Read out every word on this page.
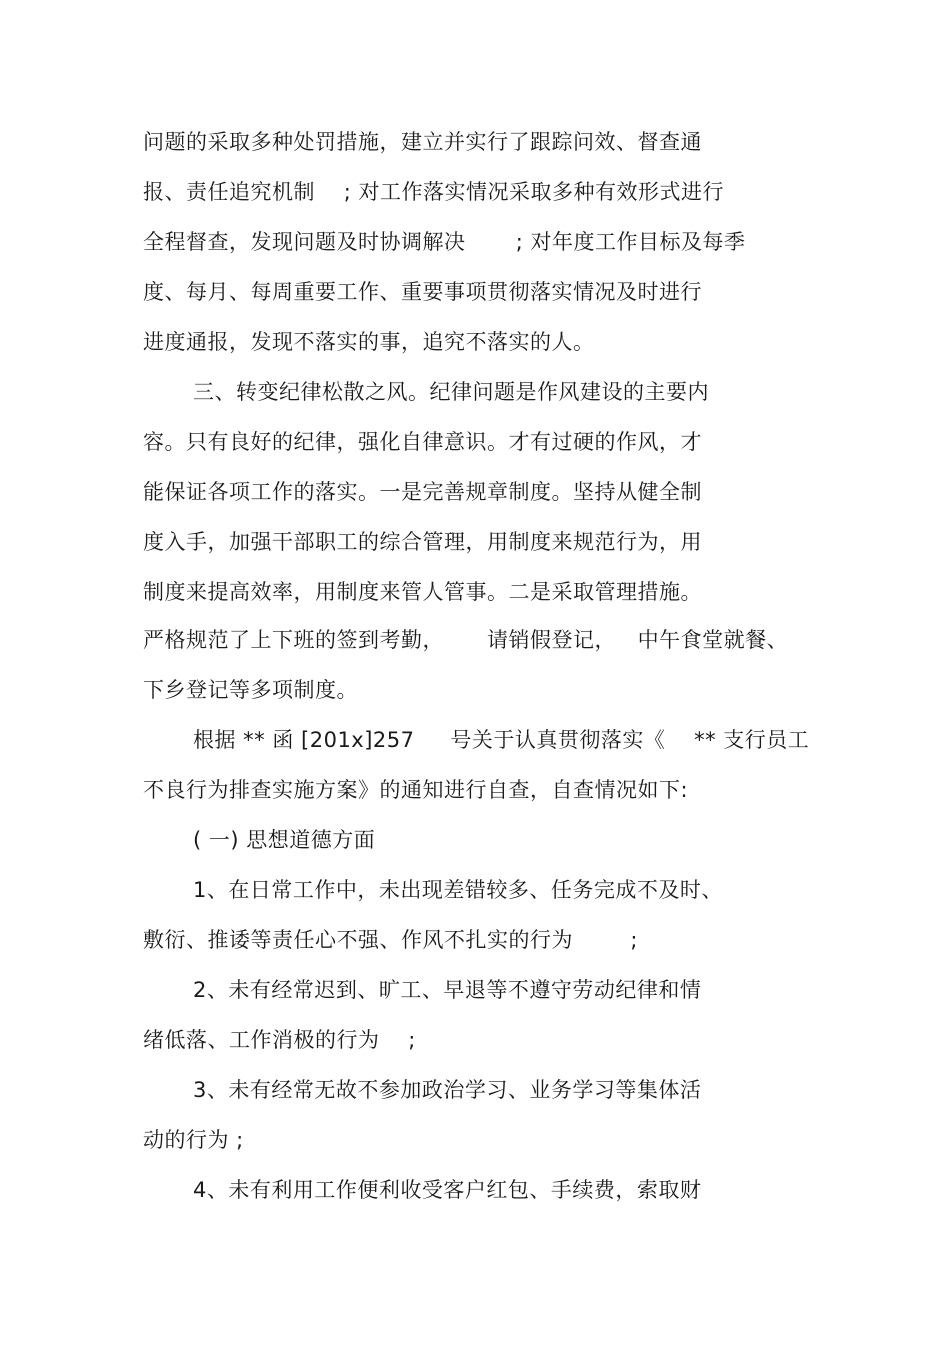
问题的采取多种处罚措施，建立并实行了跟踪问效、督查通
报、责任追究机制    ; 对工作落实情况采取多种有效形式进行
全程督查，发现问题及时协调解决       ; 对年度工作目标及每季
度、每月、每周重要工作、重要事项贯彻落实情况及时进行
进度通报，发现不落实的事，追究不落实的人。
三、转变纪律松散之风。纪律问题是作风建设的主要内
容。只有良好的纪律，强化自律意识。才有过硬的作风，才
能保证各项工作的落实。一是完善规章制度。坚持从健全制
度入手，加强干部职工的综合管理，用制度来规范行为，用
制度来提高效率，用制度来管人管事。二是采取管理措施。
严格规范了上下班的签到考勤，      请销假登记，   中午食堂就餐、
下乡登记等多项制度。
根据 ** 函 [201x]257     号关于认真贯彻落实《    ** 支行员工
不良行为排查实施方案》的通知进行自查，自查情况如下:
( 一) 思想道德方面
1、在日常工作中，未出现差错较多、任务完成不及时、
敷衍、推诿等责任心不强、作风不扎实的行为        ;
2、未有经常迟到、旷工、早退等不遵守劳动纪律和情
绪低落、工作消极的行为    ;
3、未有经常无故不参加政治学习、业务学习等集体活
动的行为 ;
4、未有利用工作便利收受客户红包、手续费，索取财
